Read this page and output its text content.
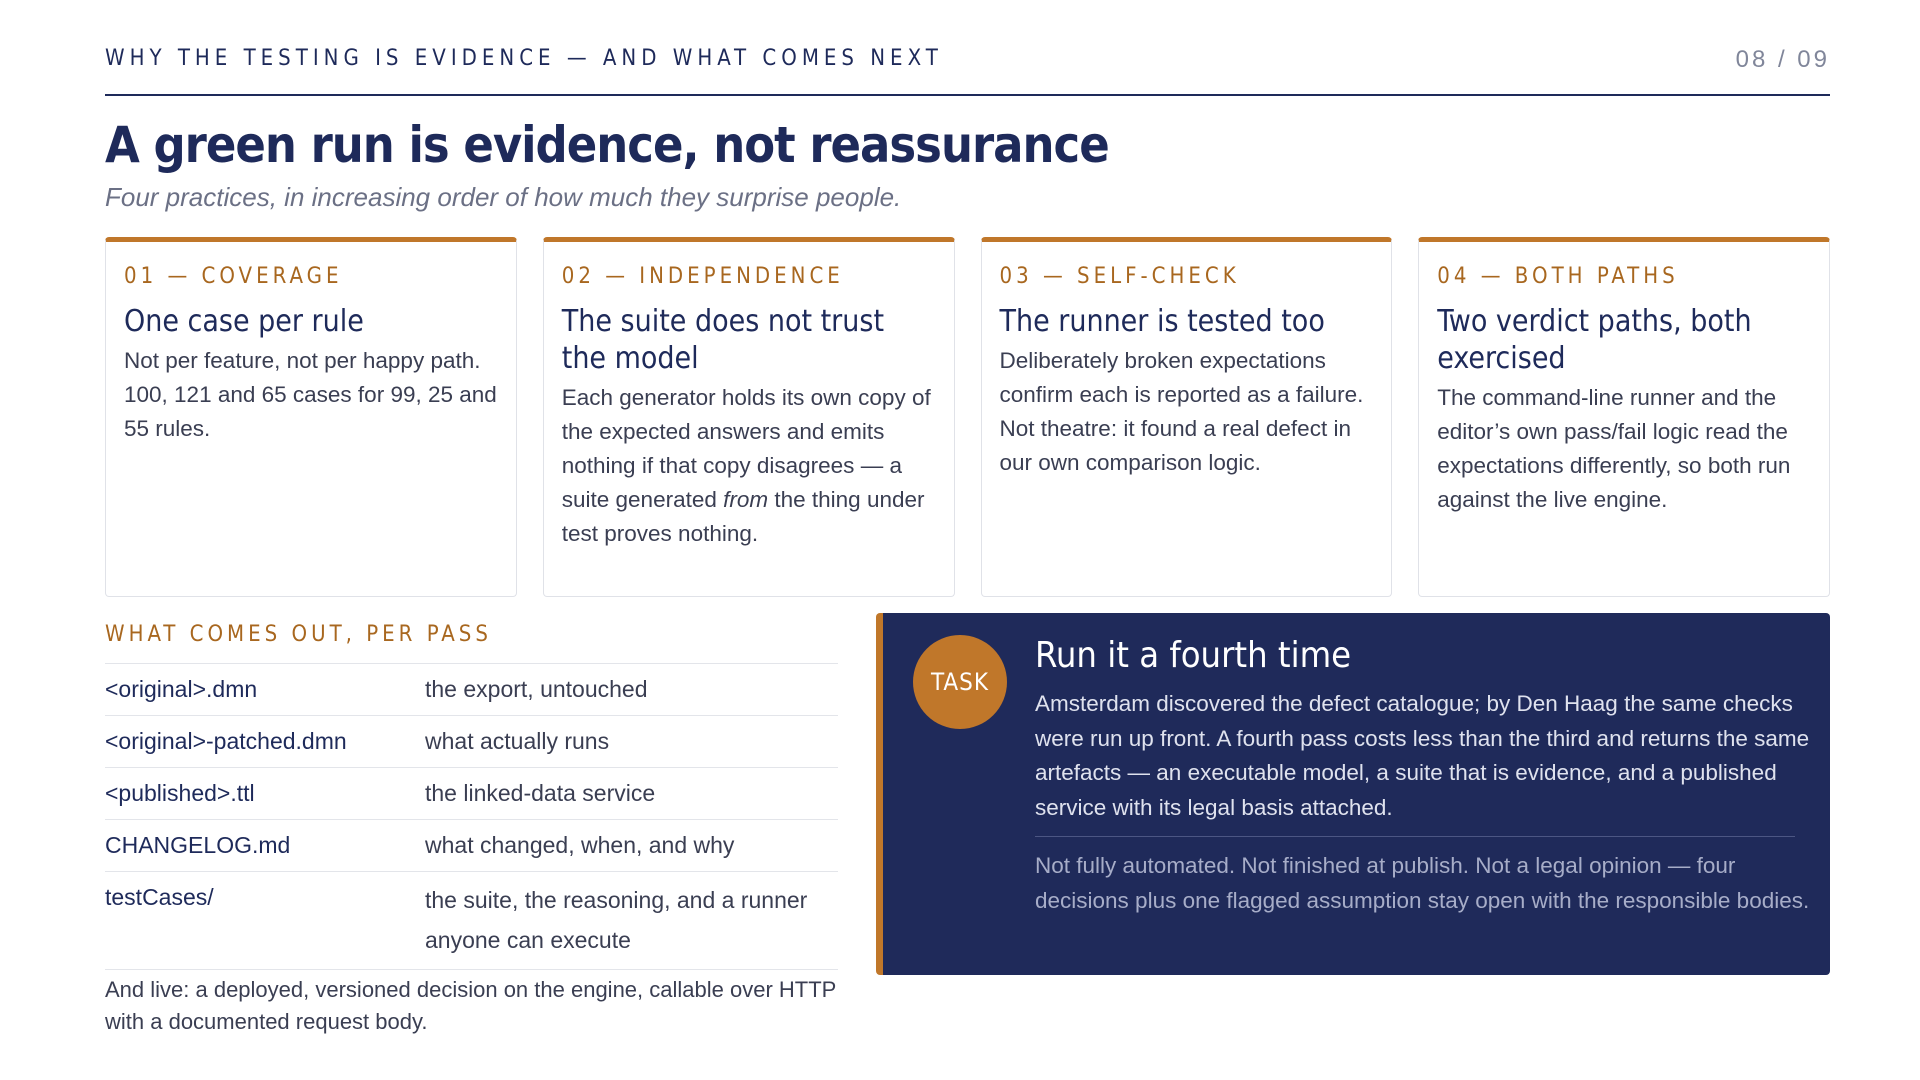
WHY THE TESTING IS EVIDENCE — AND WHAT COMES NEXT	08 / 09
A green run is evidence, not reassurance
Four practices, in increasing order of how much they surprise people.
01 — COVERAGE
One case per rule
Not per feature, not per happy path. 100, 121 and 65 cases for 99, 25 and 55 rules.
02 — INDEPENDENCE
The suite does not trust the model
Each generator holds its own copy of the expected answers and emits nothing if that copy disagrees — a suite generated from the thing under test proves nothing.
03 — SELF-CHECK
The runner is tested too
Deliberately broken expectations confirm each is reported as a failure. Not theatre: it found a real defect in our own comparison logic.
04 — BOTH PATHS
Two verdict paths, both exercised
The command-line runner and the editor’s own pass/fail logic read the expectations differently, so both run against the live engine.
WHAT COMES OUT, PER PASS
<original>.dmn	the export, untouched
<original>-patched.dmn	what actually runs
<published>.ttl	the linked-data service
CHANGELOG.md	what changed, when, and why
testCases/	the suite, the reasoning, and a runner anyone can execute
And live: a deployed, versioned decision on the engine, callable over HTTP with a documented request body.
TASK
Run it a fourth time
Amsterdam discovered the defect catalogue; by Den Haag the same checks were run up front. A fourth pass costs less than the third and returns the same artefacts — an executable model, a suite that is evidence, and a published service with its legal basis attached.
Not fully automated. Not finished at publish. Not a legal opinion — four decisions plus one flagged assumption stay open with the responsible bodies.
